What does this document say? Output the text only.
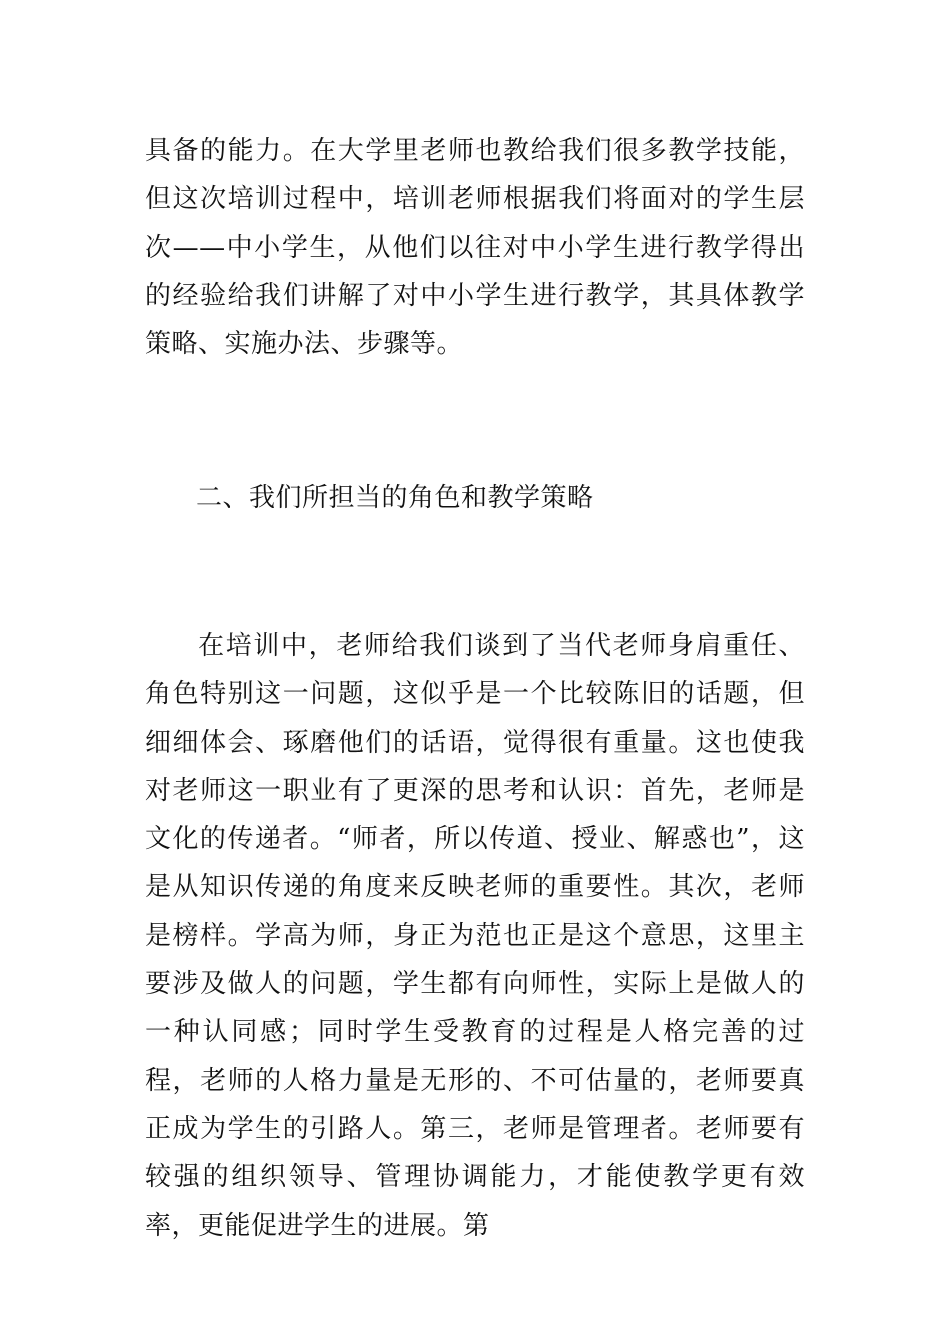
具备的能力。在大学里老师也教给我们很多教学技能，但这次培训过程中，培训老师根据我们将面对的学生层次——中小学生，从他们以往对中小学生进行教学得出的经验给我们讲解了对中小学生进行教学，其具体教学策略、实施办法、步骤等。

二、我们所担当的角色和教学策略

在培训中，老师给我们谈到了当代老师身肩重任、角色特别这一问题，这似乎是一个比较陈旧的话题，但细细体会、琢磨他们的话语，觉得很有重量。这也使我对老师这一职业有了更深的思考和认识：首先，老师是文化的传递者。“师者，所以传道、授业、解惑也”，这是从知识传递的角度来反映老师的重要性。其次，老师是榜样。学高为师，身正为范也正是这个意思，这里主要涉及做人的问题，学生都有向师性，实际上是做人的一种认同感；同时学生受教育的过程是人格完善的过程，老师的人格力量是无形的、不可估量的，老师要真正成为学生的引路人。第三，老师是管理者。老师要有较强的组织领导、管理协调能力，才能使教学更有效率，更能促进学生的进展。第
